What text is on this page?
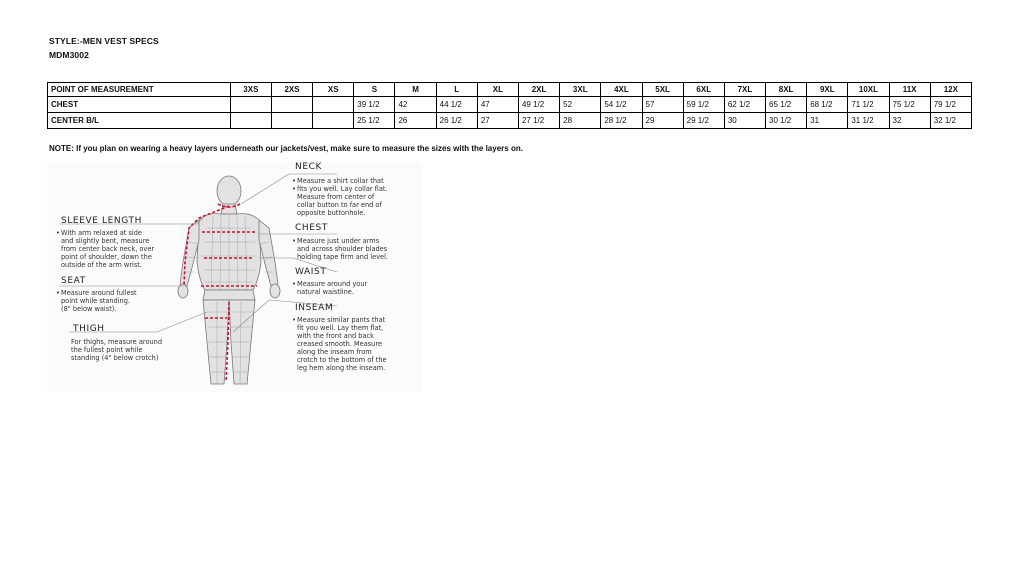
STYLE:-MEN VEST SPECS
MDM3002
POINT OF MEASUREMENT	3XS	2XS	XS	S	M	L	XL	2XL	3XL	4XL	5XL	6XL	7XL	8XL	9XL	10XL	11X	12X
CHEST				39 1/2	42	44 1/2	47	49 1/2	52	54 1/2	57	59 1/2	62 1/2	65 1/2	68 1/2	71 1/2	75 1/2	79 1/2
CENTER B/L				25 1/2	26	26 1/2	27	27 1/2	28	28 1/2	29	29 1/2	30	30 1/2	31	31 1/2	32	32 1/2
NOTE: If you plan on wearing a heavy layers underneath our jackets/vest, make sure to measure the sizes with the layers on.
NECK
• Measure a shirt collar that
• fits you well. Lay collar flat.
Measure from center of
collar button to far end of
opposite buttonhole.
CHEST
• Measure just under arms
and across shoulder blades
holding tape firm and level.
WAIST
• Measure around your
natural waistline.
INSEAM
• Measure similar pants that
fit you well. Lay them flat,
with the front and back
creased smooth. Measure
along the inseam from
crotch to the bottom of the
leg hem along the inseam.
SLEEVE LENGTH
• With arm relaxed at side
and slightly bent, measure
from center back neck, over
point of shoulder, down the
outside of the arm wrist.
SEAT
• Measure around fullest
point while standing.
(8" below waist).
THIGH
For thighs, measure around
the fullest point while
standing (4" below crotch)
